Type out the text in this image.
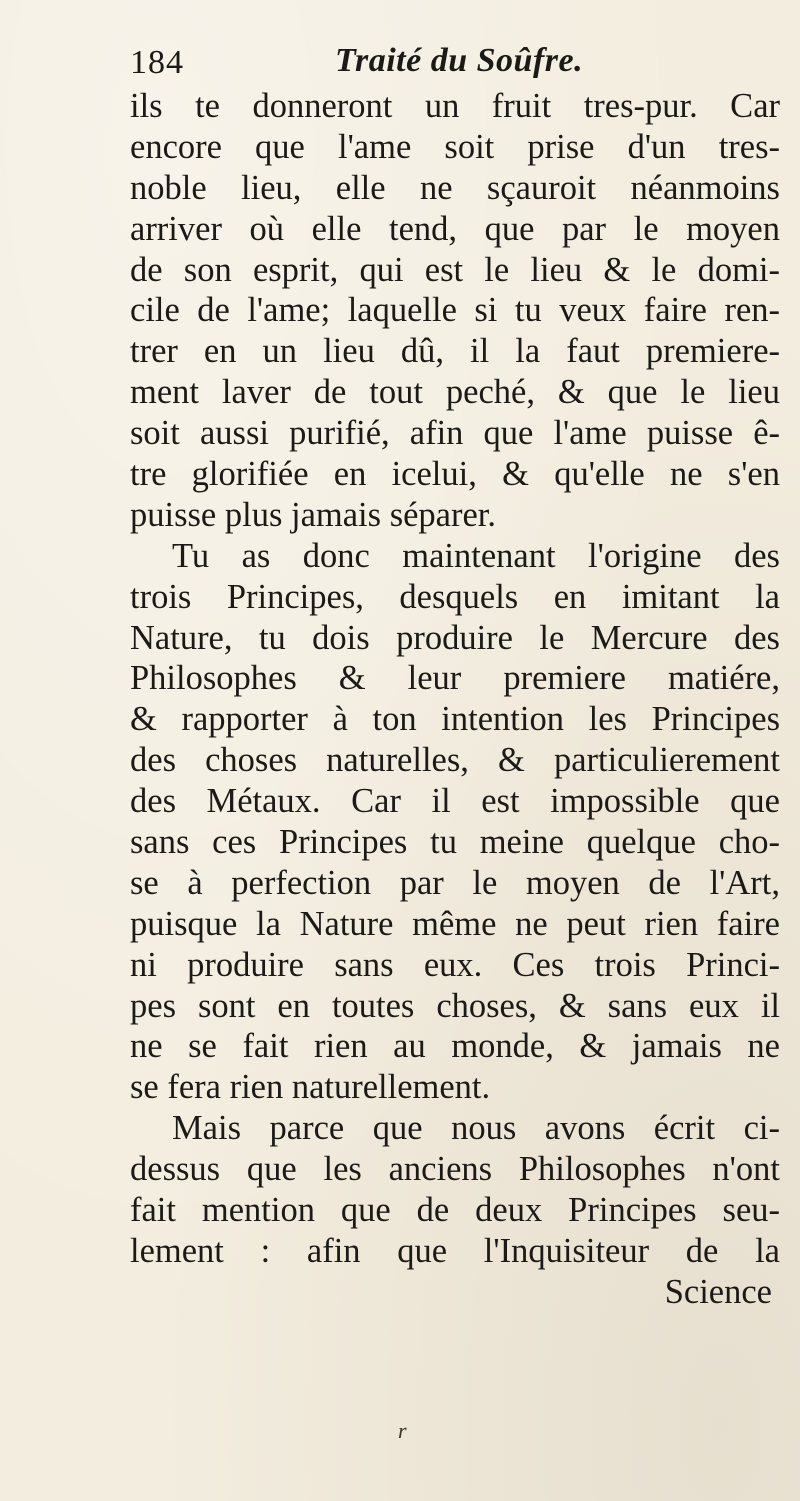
184	Traité du Soûfre.
ils te donneront un fruit tres-pur. Car
encore que l'ame soit prise d'un tres-
noble lieu, elle ne sçauroit néanmoins
arriver où elle tend, que par le moyen
de son esprit, qui est le lieu & le domi-
cile de l'ame; laquelle si tu veux faire ren-
trer en un lieu dû, il la faut premiere-
ment laver de tout peché, & que le lieu
soit aussi purifié, afin que l'ame puisse ê-
tre glorifiée en icelui, & qu'elle ne s'en
puisse plus jamais séparer.
Tu as donc maintenant l'origine des
trois Principes, desquels en imitant la
Nature, tu dois produire le Mercure des
Philosophes & leur premiere matiére,
& rapporter à ton intention les Principes
des choses naturelles, & particulierement
des Métaux. Car il est impossible que
sans ces Principes tu meine quelque cho-
se à perfection par le moyen de l'Art,
puisque la Nature même ne peut rien faire
ni produire sans eux. Ces trois Princi-
pes sont en toutes choses, & sans eux il
ne se fait rien au monde, & jamais ne
se fera rien naturellement.
Mais parce que nous avons écrit ci-
dessus que les anciens Philosophes n'ont
fait mention que de deux Principes seu-
lement : afin que l'Inquisiteur de la
Science
r
